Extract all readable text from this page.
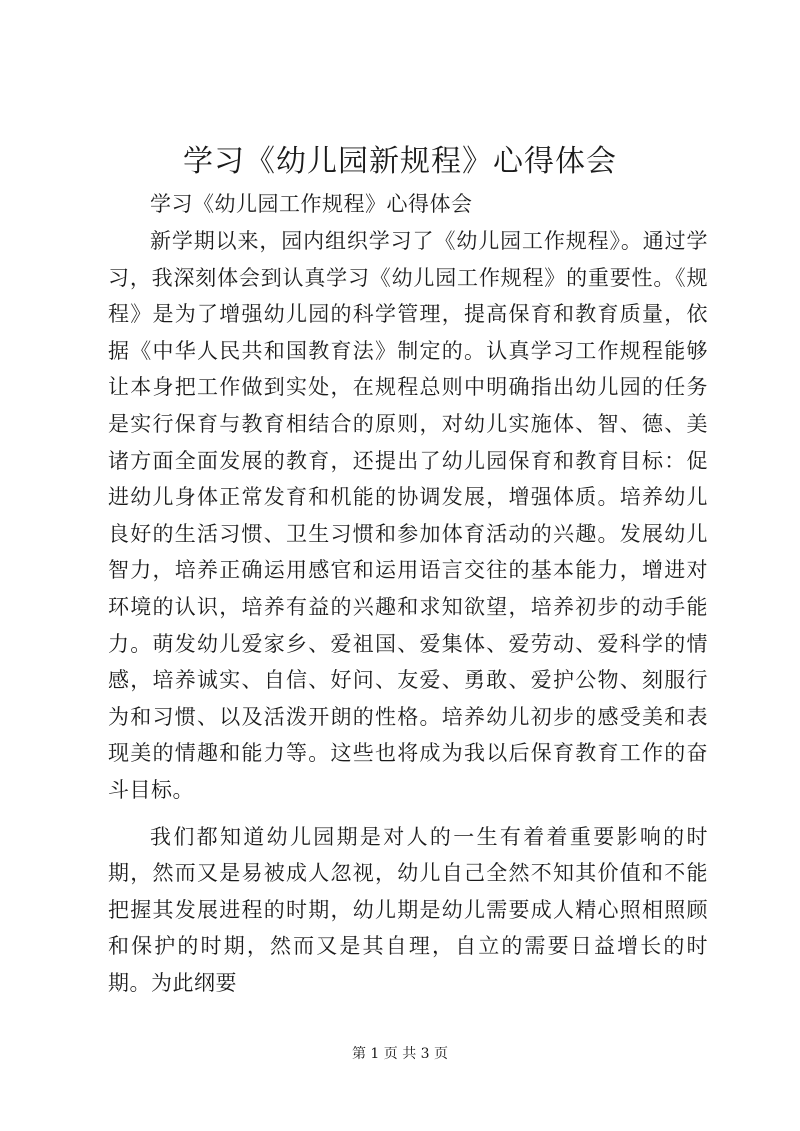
学习《幼儿园新规程》心得体会

学习《幼儿园工作规程》心得体会

新学期以来，园内组织学习了《幼儿园工作规程》。通过学习，我深刻体会到认真学习《幼儿园工作规程》的重要性。《规程》是为了增强幼儿园的科学管理，提高保育和教育质量，依据《中华人民共和国教育法》制定的。认真学习工作规程能够让本身把工作做到实处，在规程总则中明确指出幼儿园的任务是实行保育与教育相结合的原则，对幼儿实施体、智、德、美诸方面全面发展的教育，还提出了幼儿园保育和教育目标：促进幼儿身体正常发育和机能的协调发展，增强体质。培养幼儿良好的生活习惯、卫生习惯和参加体育活动的兴趣。发展幼儿智力，培养正确运用感官和运用语言交往的基本能力，增进对环境的认识，培养有益的兴趣和求知欲望，培养初步的动手能力。萌发幼儿爱家乡、爱祖国、爱集体、爱劳动、爱科学的情感，培养诚实、自信、好问、友爱、勇敢、爱护公物、刻服行为和习惯、以及活泼开朗的性格。培养幼儿初步的感受美和表现美的情趣和能力等。这些也将成为我以后保育教育工作的奋斗目标。

我们都知道幼儿园期是对人的一生有着着重要影响的时期，然而又是易被成人忽视，幼儿自己全然不知其价值和不能把握其发展进程的时期，幼儿期是幼儿需要成人精心照相照顾和保护的时期，然而又是其自理，自立的需要日益增长的时期。为此纲要

第 1 页 共 3 页
